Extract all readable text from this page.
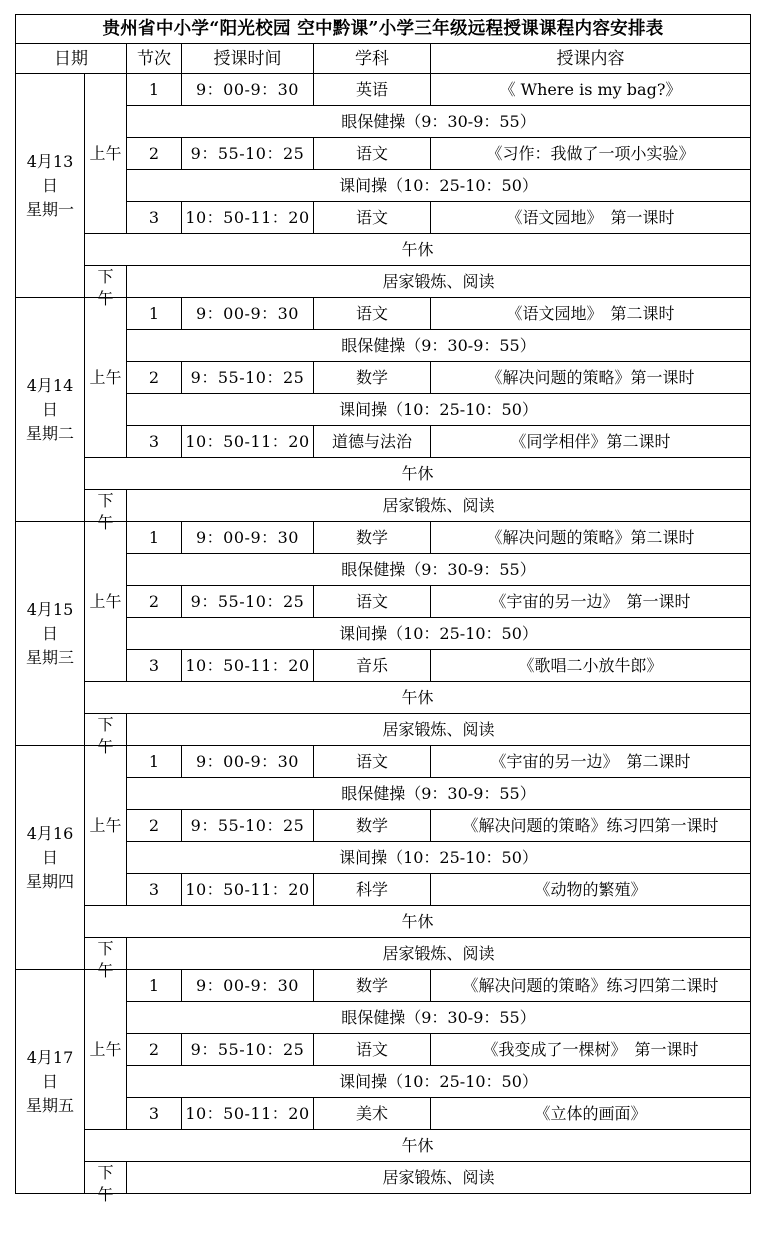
贵州省中小学“阳光校园 空中黔课”小学三年级远程授课课程内容安排表					
日期		节次	授课时间	学科	授课内容

4月13
日
星期一	上午	1	9：00-9：30	英语	《 Where is my bag?》
		眼保健操（9：30-9：55）			
		2	9：55-10：25	语文	《习作：我做了一项小实验》
		课间操（10：25-10：50）			
		3	10：50-11：20	语文	《语文园地》　第一课时
	午休				

	下午	居家锻炼、阅读			

4月14
日
星期二	上午	1	9：00-9：30	语文	《语文园地》　第二课时
		眼保健操（9：30-9：55）			
		2	9：55-10：25	数学	《解决问题的策略》第一课时
		课间操（10：25-10：50）			
		3	10：50-11：20	道德与法治	《同学相伴》第二课时
	午休				

	下午	居家锻炼、阅读			

4月15
日
星期三	上午	1	9：00-9：30	数学	《解决问题的策略》第二课时
		眼保健操（9：30-9：55）			
		2	9：55-10：25	语文	《宇宙的另一边》　第一课时
		课间操（10：25-10：50）			
		3	10：50-11：20	音乐	《歌唱二小放牛郎》
	午休				

	下午	居家锻炼、阅读			

4月16
日
星期四	上午	1	9：00-9：30	语文	《宇宙的另一边》　第二课时
		眼保健操（9：30-9：55）			
		2	9：55-10：25	数学	《解决问题的策略》练习四第一课时
		课间操（10：25-10：50）			
		3	10：50-11：20	科学	《动物的繁殖》
	午休				

	下午	居家锻炼、阅读			

4月17
日
星期五	上午	1	9：00-9：30	数学	《解决问题的策略》练习四第二课时
		眼保健操（9：30-9：55）			
		2	9：55-10：25	语文	《我变成了一棵树》　第一课时
		课间操（10：25-10：50）			
		3	10：50-11：20	美术	《立体的画面》
	午休				

	下午	居家锻炼、阅读			
